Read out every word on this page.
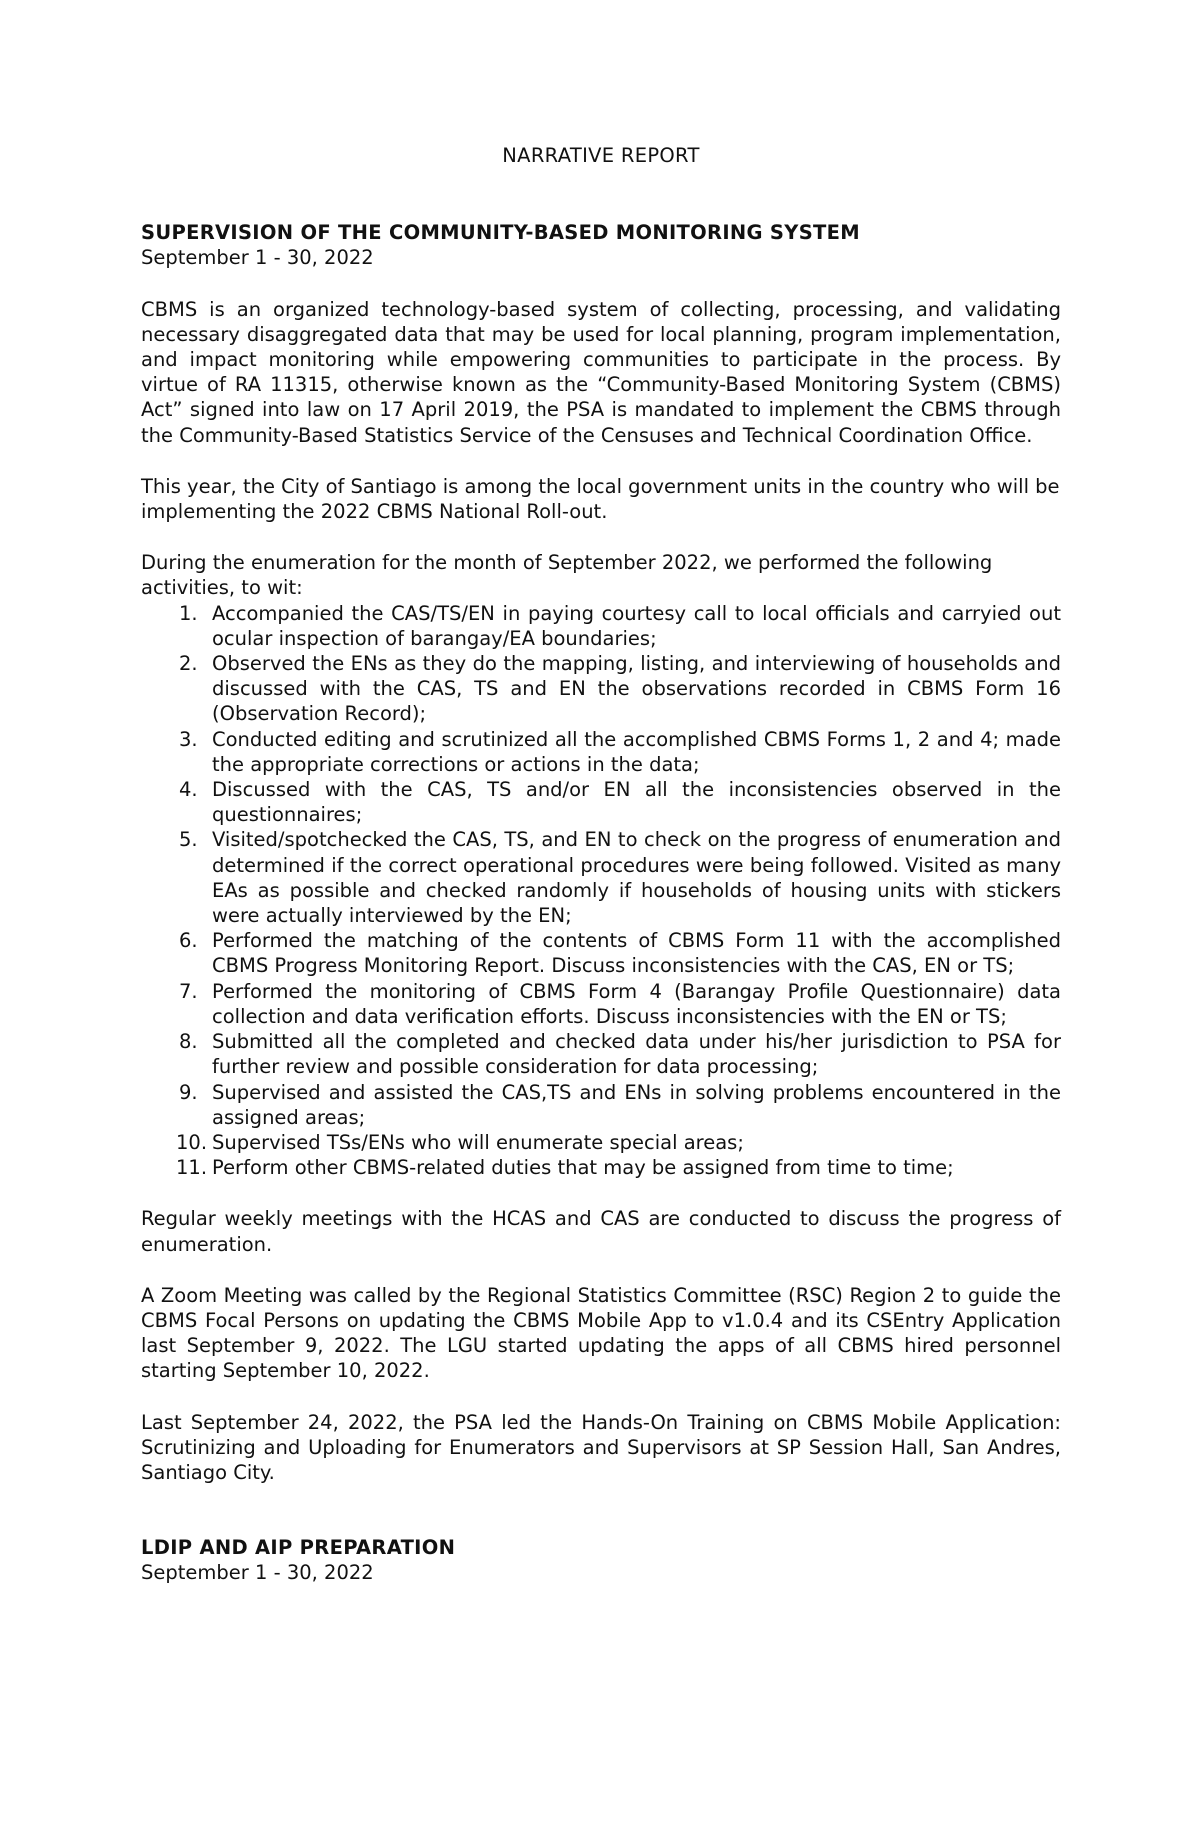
NARRATIVE REPORT
SUPERVISION OF THE COMMUNITY-BASED MONITORING SYSTEM
September 1 - 30, 2022

CBMS is an organized technology-based system of collecting, processing, and validating necessary disaggregated data that may be used for local planning, program implementation, and impact monitoring while empowering communities to participate in the process. By virtue of RA 11315, otherwise known as the “Community-Based Monitoring System (CBMS) Act” signed into law on 17 April 2019, the PSA is mandated to implement the CBMS through the Community-Based Statistics Service of the Censuses and Technical Coordination Office.

This year, the City of Santiago is among the local government units in the country who will be implementing the 2022 CBMS National Roll-out.

During the enumeration for the month of September 2022, we performed the following activities, to wit:
1. Accompanied the CAS/TS/EN in paying courtesy call to local officials and carryied out ocular inspection of barangay/EA boundaries;
2. Observed the ENs as they do the mapping, listing, and interviewing of households and discussed with the CAS, TS and EN the observations recorded in CBMS Form 16 (Observation Record);
3. Conducted editing and scrutinized all the accomplished CBMS Forms 1, 2 and 4; made the appropriate corrections or actions in the data;
4. Discussed with the CAS, TS and/or EN all the inconsistencies observed in the questionnaires;
5. Visited/spotchecked the CAS, TS, and EN to check on the progress of enumeration and determined if the correct operational procedures were being followed. Visited as many EAs as possible and checked randomly if households of housing units with stickers were actually interviewed by the EN;
6. Performed the matching of the contents of CBMS Form 11 with the accomplished CBMS Progress Monitoring Report. Discuss inconsistencies with the CAS, EN or TS;
7. Performed the monitoring of CBMS Form 4 (Barangay Profile Questionnaire) data collection and data verification efforts. Discuss inconsistencies with the EN or TS;
8. Submitted all the completed and checked data under his/her jurisdiction to PSA for further review and possible consideration for data processing;
9. Supervised and assisted the CAS,TS and ENs in solving problems encountered in the assigned areas;
10. Supervised TSs/ENs who will enumerate special areas;
11. Perform other CBMS-related duties that may be assigned from time to time;

Regular weekly meetings with the HCAS and CAS are conducted to discuss the progress of enumeration.

A Zoom Meeting was called by the Regional Statistics Committee (RSC) Region 2 to guide the CBMS Focal Persons on updating the CBMS Mobile App to v1.0.4 and its CSEntry Application last September 9, 2022. The LGU started updating the apps of all CBMS hired personnel starting September 10, 2022.

Last September 24, 2022, the PSA led the Hands-On Training on CBMS Mobile Application: Scrutinizing and Uploading for Enumerators and Supervisors at SP Session Hall, San Andres, Santiago City.

LDIP AND AIP PREPARATION
September 1 - 30, 2022
